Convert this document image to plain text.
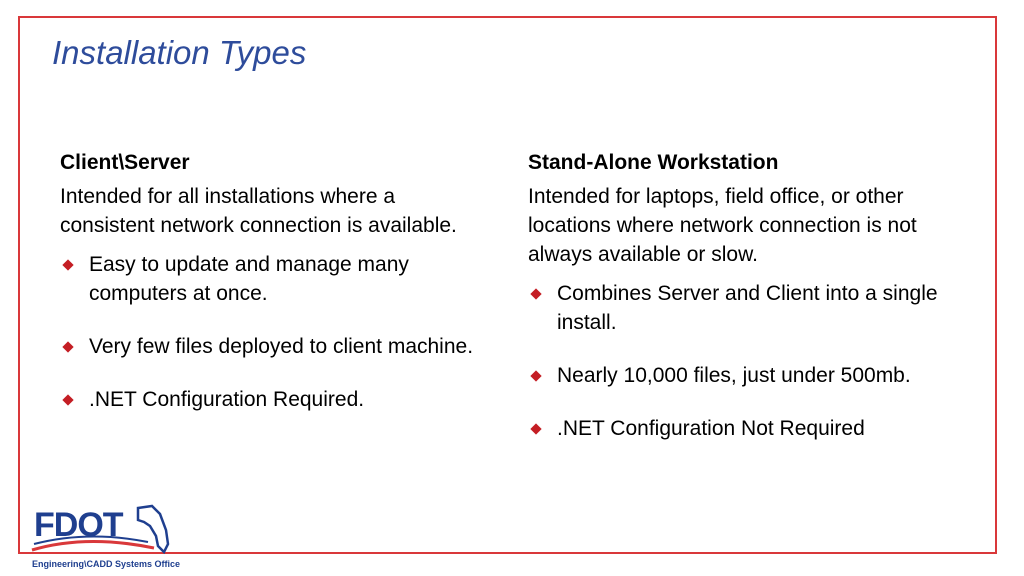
Installation Types

Client\Server

Intended for all installations where a consistent network connection is available.

Easy to update and manage many computers at once.
Very few files deployed to client machine.
.NET Configuration Required.

Stand-Alone Workstation

Intended for laptops, field office, or other locations where network connection is not always available or slow.

Combines Server and Client into a single install.
Nearly 10,000 files, just under 500mb.
.NET Configuration Not Required
FDOT
Engineering\CADD Systems Office
